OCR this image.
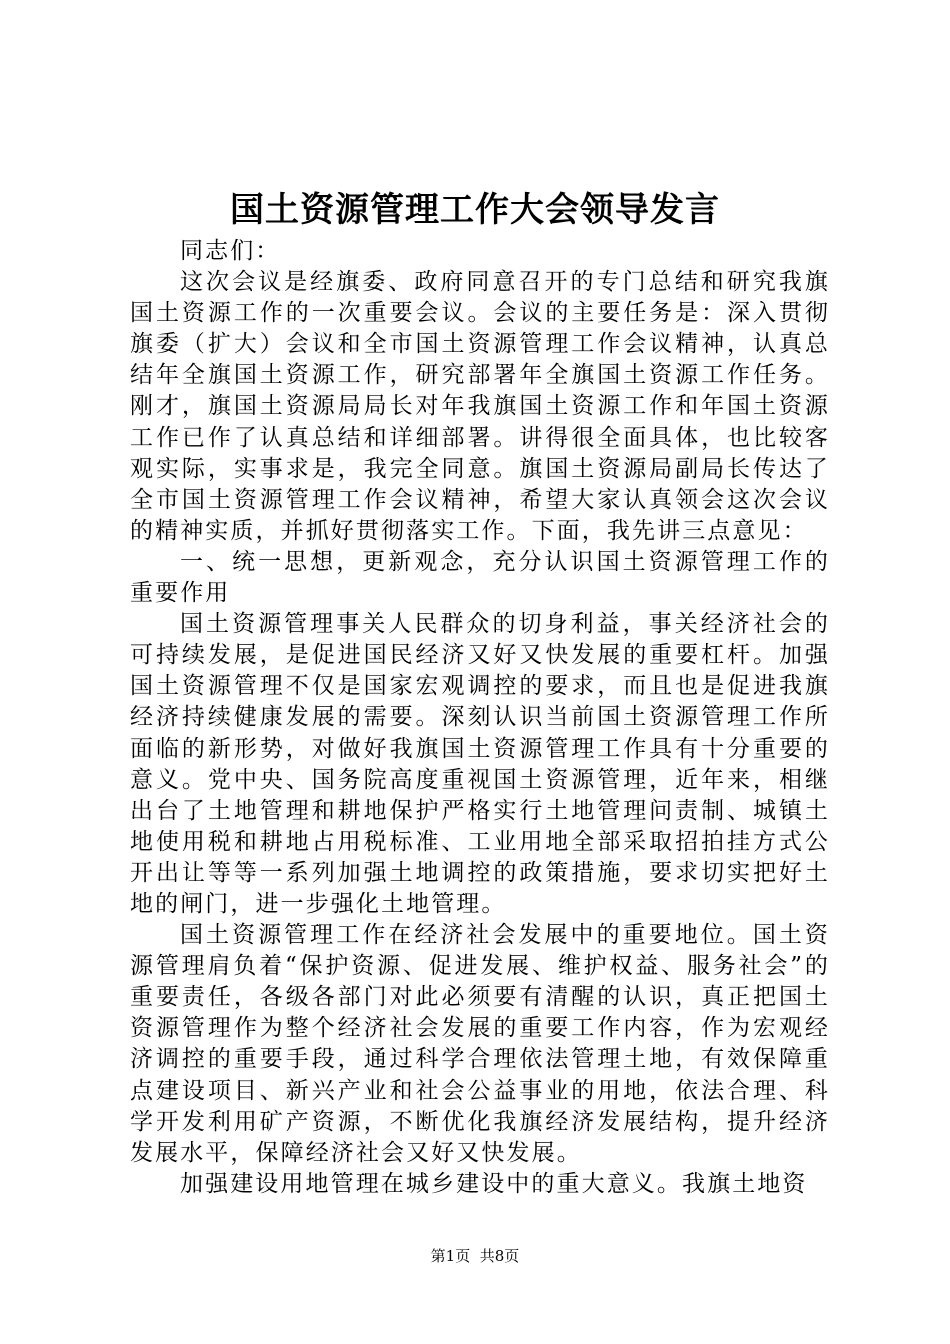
国土资源管理工作大会领导发言

同志们：

这次会议是经旗委、政府同意召开的专门总结和研究我旗国土资源工作的一次重要会议。会议的主要任务是：深入贯彻旗委（扩大）会议和全市国土资源管理工作会议精神，认真总结年全旗国土资源工作，研究部署年全旗国土资源工作任务。刚才，旗国土资源局局长对年我旗国土资源工作和年国土资源工作已作了认真总结和详细部署。讲得很全面具体，也比较客观实际，实事求是，我完全同意。旗国土资源局副局长传达了全市国土资源管理工作会议精神，希望大家认真领会这次会议的精神实质，并抓好贯彻落实工作。下面，我先讲三点意见：

一、统一思想，更新观念，充分认识国土资源管理工作的重要作用

国土资源管理事关人民群众的切身利益，事关经济社会的可持续发展，是促进国民经济又好又快发展的重要杠杆。加强国土资源管理不仅是国家宏观调控的要求，而且也是促进我旗经济持续健康发展的需要。深刻认识当前国土资源管理工作所面临的新形势，对做好我旗国土资源管理工作具有十分重要的意义。党中央、国务院高度重视国土资源管理，近年来，相继出台了土地管理和耕地保护严格实行土地管理问责制、城镇土地使用税和耕地占用税标准、工业用地全部采取招拍挂方式公开出让等等一系列加强土地调控的政策措施，要求切实把好土地的闸门，进一步强化土地管理。

国土资源管理工作在经济社会发展中的重要地位。国土资源管理肩负着“保护资源、促进发展、维护权益、服务社会”的重要责任，各级各部门对此必须要有清醒的认识，真正把国土资源管理作为整个经济社会发展的重要工作内容，作为宏观经济调控的重要手段，通过科学合理依法管理土地，有效保障重点建设项目、新兴产业和社会公益事业的用地，依法合理、科学开发利用矿产资源，不断优化我旗经济发展结构，提升经济发展水平，保障经济社会又好又快发展。

加强建设用地管理在城乡建设中的重大意义。我旗土地资

第1页 共8页
